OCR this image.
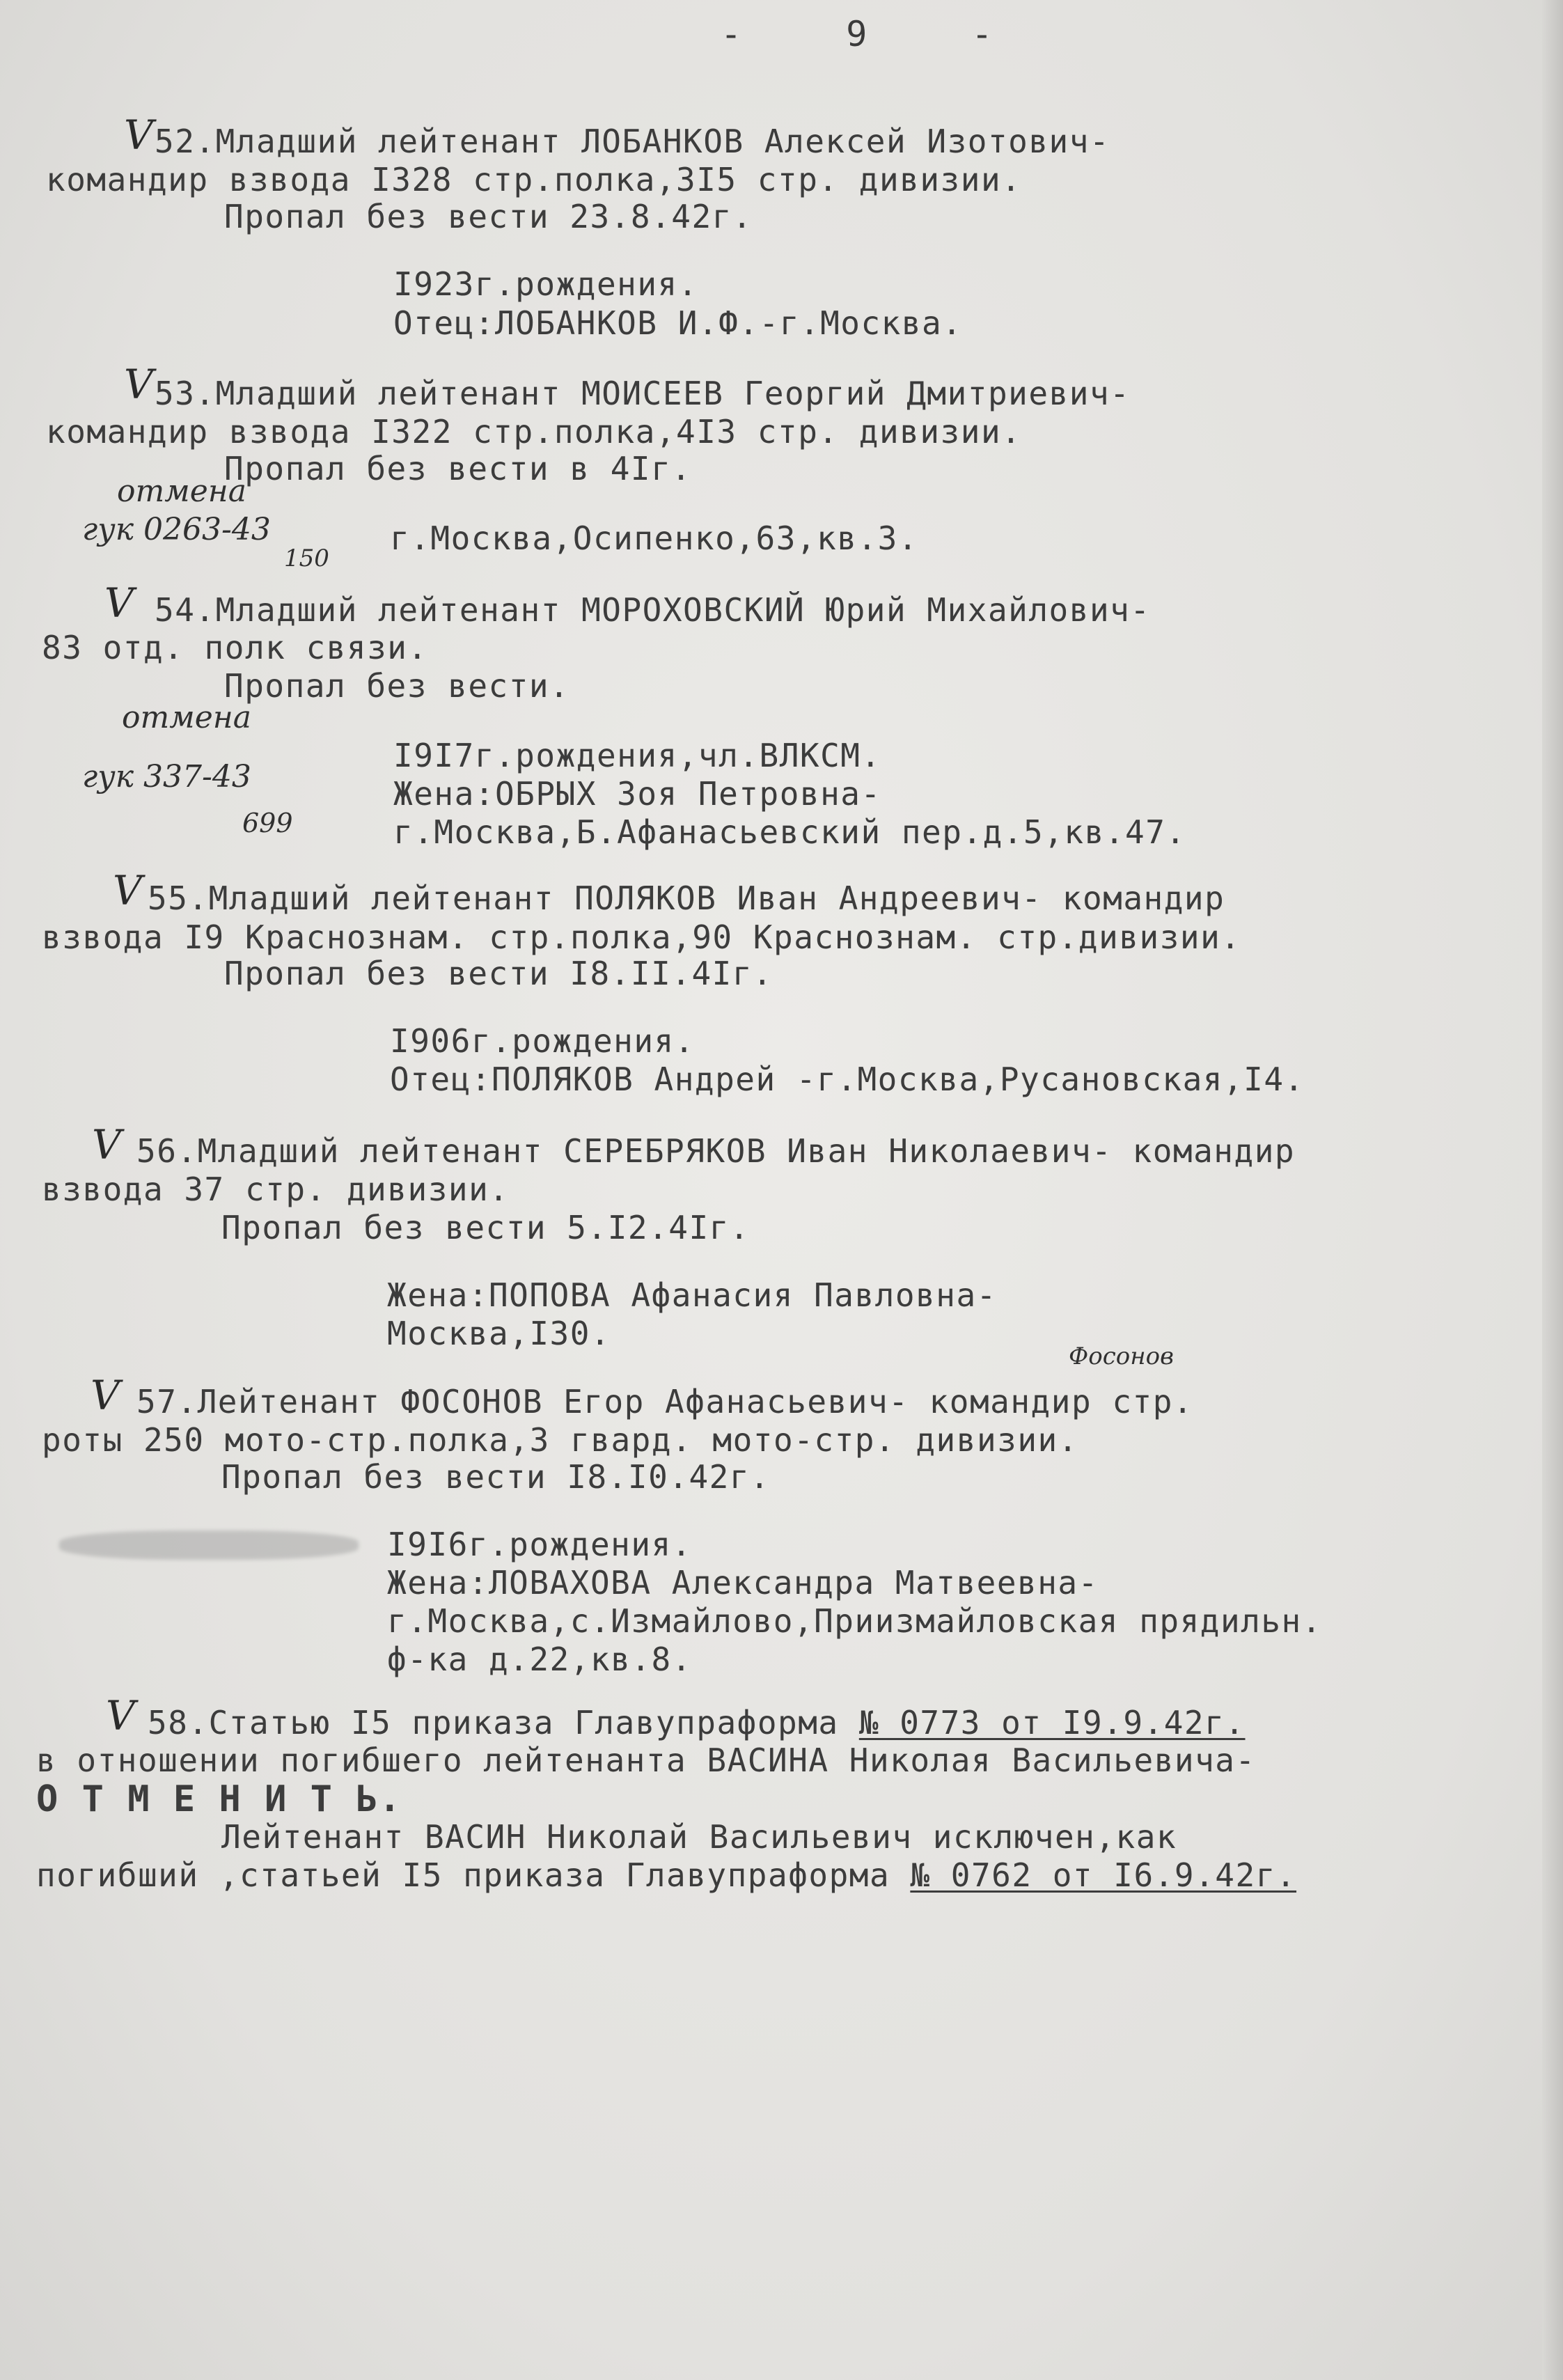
- 9 -
V 52.Младший лейтенант ЛОБАНКОВ Алексей Изотович-
командир взвода I328 стр.полка,3I5 стр. дивизии.
Пропал без вести 23.8.42г.
I923г.рождения.
Отец:ЛОБАНКОВ И.Ф.-г.Москва.
V 53.Младший лейтенант МОИСЕЕВ Георгий Дмитриевич-
командир взвода I322 стр.полка,4I3 стр. дивизии.
Пропал без вести в 4Iг.
г.Москва,Осипенко,63,кв.3.
отмена
гук 0263-43
150
V 54.Младший лейтенант МОРОХОВСКИЙ Юрий Михайлович-
83 отд. полк связи.
Пропал без вести.
I9I7г.рождения,чл.ВЛКСМ.
Жена:ОБРЫХ Зоя Петровна-
г.Москва,Б.Афанасьевский пер.д.5,кв.47.
отмена
гук 337-43
699
V 55.Младший лейтенант ПОЛЯКОВ Иван Андреевич- командир
взвода I9 Краснознам. стр.полка,90 Краснознам. стр.дивизии.
Пропал без вести I8.II.4Iг.
I906г.рождения.
Отец:ПОЛЯКОВ Андрей -г.Москва,Русановская,I4.
V 56.Младший лейтенант СЕРЕБРЯКОВ Иван Николаевич- командир
взвода 37 стр. дивизии.
Пропал без вести 5.I2.4Iг.
Жена:ПОПОВА Афанасия Павловна-
Москва,I30.
V 57.Лейтенант ФОСОНОВ Егор Афанасьевич- командир стр.
роты 250 мото-стр.полка,3 гвард. мото-стр. дивизии.
Пропал без вести I8.I0.42г.
I9I6г.рождения.
Жена:ЛОВАХОВА Александра Матвеевна-
г.Москва,с.Измайлово,Приизмайловская прядильн.
ф-ка д.22,кв.8.
Фосонов
V 58.Статью I5 приказа Главупраформа № 0773 от I9.9.42г.
в отношении погибшего лейтенанта ВАСИНА Николая Васильевича-
О Т М Е Н И Т Ь.
Лейтенант ВАСИН Николай Васильевич исключен,как
погибший ,статьей I5 приказа Главупраформа № 0762 от I6.9.42г.
